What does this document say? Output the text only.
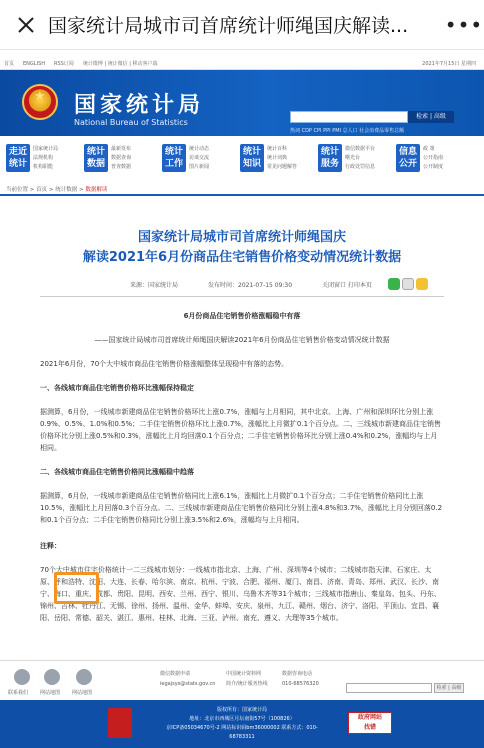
国家统计局城市司首席统计师绳国庆解读...	•••
首页 ENGLISH RSS订阅 统计微博 | 统计微信 | 移动客户端	2021年7月15日 星期四
★
国家统计局
National Bureau of Statistics
检索 | 高级
热词 CDP CPI PPI PMI 总人口 社会消费品零售总额
走近
统计
国家统计局
法规机构
机构职能
统计
数据
最新发布
数据查询
普查数据
统计
工作
统计动态
访谈交流
图片新闻
统计
知识
统计百科
统计词典
常见问题解答
统计
服务
微信数据平台
曙光台
行政处罚信息
信息
公开
政 策
公开指南
公开制度
当前位置 > 首页 > 统计数据 > 数据解读
国家统计局城市司首席统计师绳国庆
解读2021年6月份商品住宅销售价格变动情况统计数据
来源：国家统计局	发布时间：2021-07-15 09:30	关闭窗口 打印本页
6月份商品住宅销售价格涨幅稳中有落
——国家统计局城市司首席统计师绳国庆解读2021年6月份商品住宅销售价格变动情况统计数据
2021年6月份，70个大中城市商品住宅销售价格涨幅整体呈现稳中有落的态势。
一、各线城市商品住宅销售价格环比涨幅保持稳定
据测算，6月份，一线城市新建商品住宅销售价格环比上涨0.7%，涨幅与上月相同，其中北京、上海、广州和深圳环比分别上涨0.9%、0.5%、1.0%和0.5%；二手住宅销售价格环比上涨0.7%，涨幅比上月微扩0.1个百分点。二、三线城市新建商品住宅销售价格环比分别上涨0.5%和0.3%，涨幅比上月均回落0.1个百分点；二手住宅销售价格环比分别上涨0.4%和0.2%，涨幅均与上月相同。
二、各线城市商品住宅销售价格同比涨幅稳中趋落
据测算，6月份，一线城市新建商品住宅销售价格同比上涨6.1%，涨幅比上月微扩0.1个百分点；二手住宅销售价格同比上涨10.5%，涨幅比上月回落0.3个百分点。二、三线城市新建商品住宅销售价格同比分别上涨4.8%和3.7%，涨幅比上月分别回落0.2和0.1个百分点；二手住宅销售价格同比分别上涨3.5%和2.6%，涨幅均与上月相同。
注释：
70个大中城市住宅价格统计一二三线城市划分：一线城市指北京、上海、广州、深圳等4个城市；二线城市指天津、石家庄、太原、呼和浩特、沈阳、大连、长春、哈尔滨、南京、杭州、宁波、合肥、福州、厦门、南昌、济南、青岛、郑州、武汉、长沙、南宁、海口、重庆、成都、贵阳、昆明、西安、兰州、西宁、银川、乌鲁木齐等31个城市；三线城市指唐山、秦皇岛、包头、丹东、锦州、吉林、牡丹江、无锡、徐州、扬州、温州、金华、蚌埠、安庆、泉州、九江、赣州、烟台、济宁、洛阳、平顶山、宜昌、襄阳、岳阳、常德、韶关、湛江、惠州、桂林、北海、三亚、泸州、南充、遵义、大理等35个城市。
联系我们 网站地图 网站地图
微信数据申请
iegajsys@stats.gov.cn
中国统计资料网
简介/统计服务热线
数据咨询电话
010-68576320
检索 | 高级
版权所有：国家统计局
地址：北京市西城区月坛南街57号（100826）
京ICP备05034670号-2 网站标识码bm36000002 联系方式：010-
68783311
政府网站
找错
